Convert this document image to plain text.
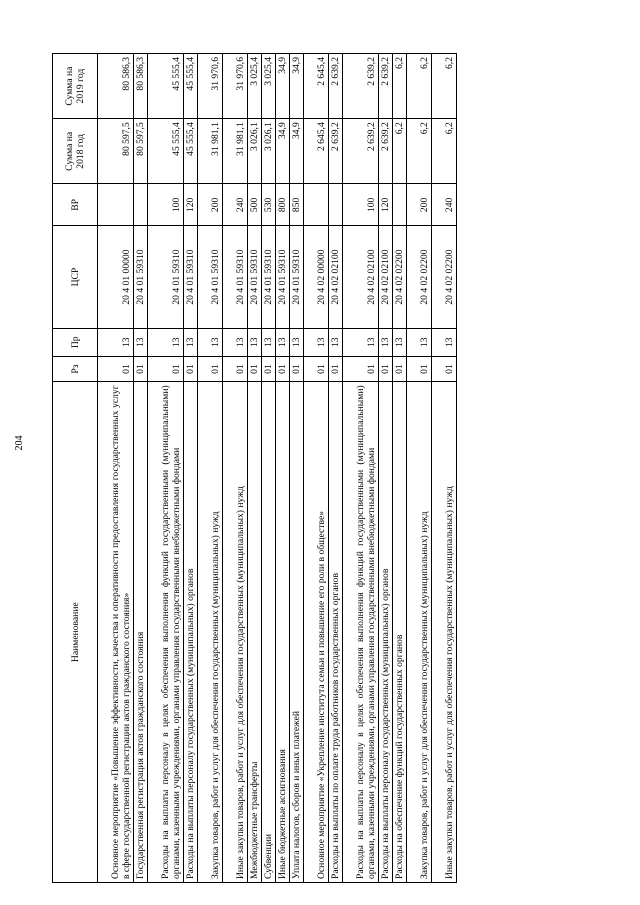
204
Наименование	Рз	Пр	ЦСР	ВР	Сумма на 2018 год	Сумма на 2019 год
Основное мероприятие «Повышение эффективности, качества и оперативности предоставления государственных услуг в сфере государственной регистрации актов гражданского состояния»	01	13	20 4 01 00000		80 597,5	80 586,3
Государственная регистрация актов гражданского состояния	01	13	20 4 01 59310		80 597,5	80 586,3
Расходы на выплаты персоналу в целях обеспечения выполнения функций государственными (муниципальными) органами, казенными учреждениями, органами управления государственными внебюджетными фондами	01	13	20 4 01 59310	100	45 555,4	45 555,4
Расходы на выплаты персоналу государственных (муниципальных) органов	01	13	20 4 01 59310	120	45 555,4	45 555,4
Закупка товаров, работ и услуг для обеспечения государственных (муниципальных) нужд	01	13	20 4 01 59310	200	31 981,1	31 970,6
Иные закупки товаров, работ и услуг для обеспечения государственных (муниципальных) нужд	01	13	20 4 01 59310	240	31 981,1	31 970,6
Межбюджетные трансферты	01	13	20 4 01 59310	500	3 026,1	3 025,4
Субвенции	01	13	20 4 01 59310	530	3 026,1	3 025,4
Иные бюджетные ассигнования	01	13	20 4 01 59310	800	34,9	34,9
Уплата налогов, сборов и иных платежей	01	13	20 4 01 59310	850	34,9	34,9
Основное мероприятие «Укрепление института семьи и повышение его роли в обществе»	01	13	20 4 02 00000		2 645,4	2 645,4
Расходы на выплаты по оплате труда работников государственных органов	01	13	20 4 02 02100		2 639,2	2 639,2
Расходы на выплаты персоналу в целях обеспечения выполнения функций государственными (муниципальными) органами, казенными учреждениями, органами управления государственными внебюджетными фондами	01	13	20 4 02 02100	100	2 639,2	2 639,2
Расходы на выплаты персоналу государственных (муниципальных) органов	01	13	20 4 02 02100	120	2 639,2	2 639,2
Расходы на обеспечение функций государственных органов	01	13	20 4 02 02200		6,2	6,2
Закупка товаров, работ и услуг для обеспечения государственных (муниципальных) нужд	01	13	20 4 02 02200	200	6,2	6,2
Иные закупки товаров, работ и услуг для обеспечения государственных (муниципальных) нужд	01	13	20 4 02 02200	240	6,2	6,2
